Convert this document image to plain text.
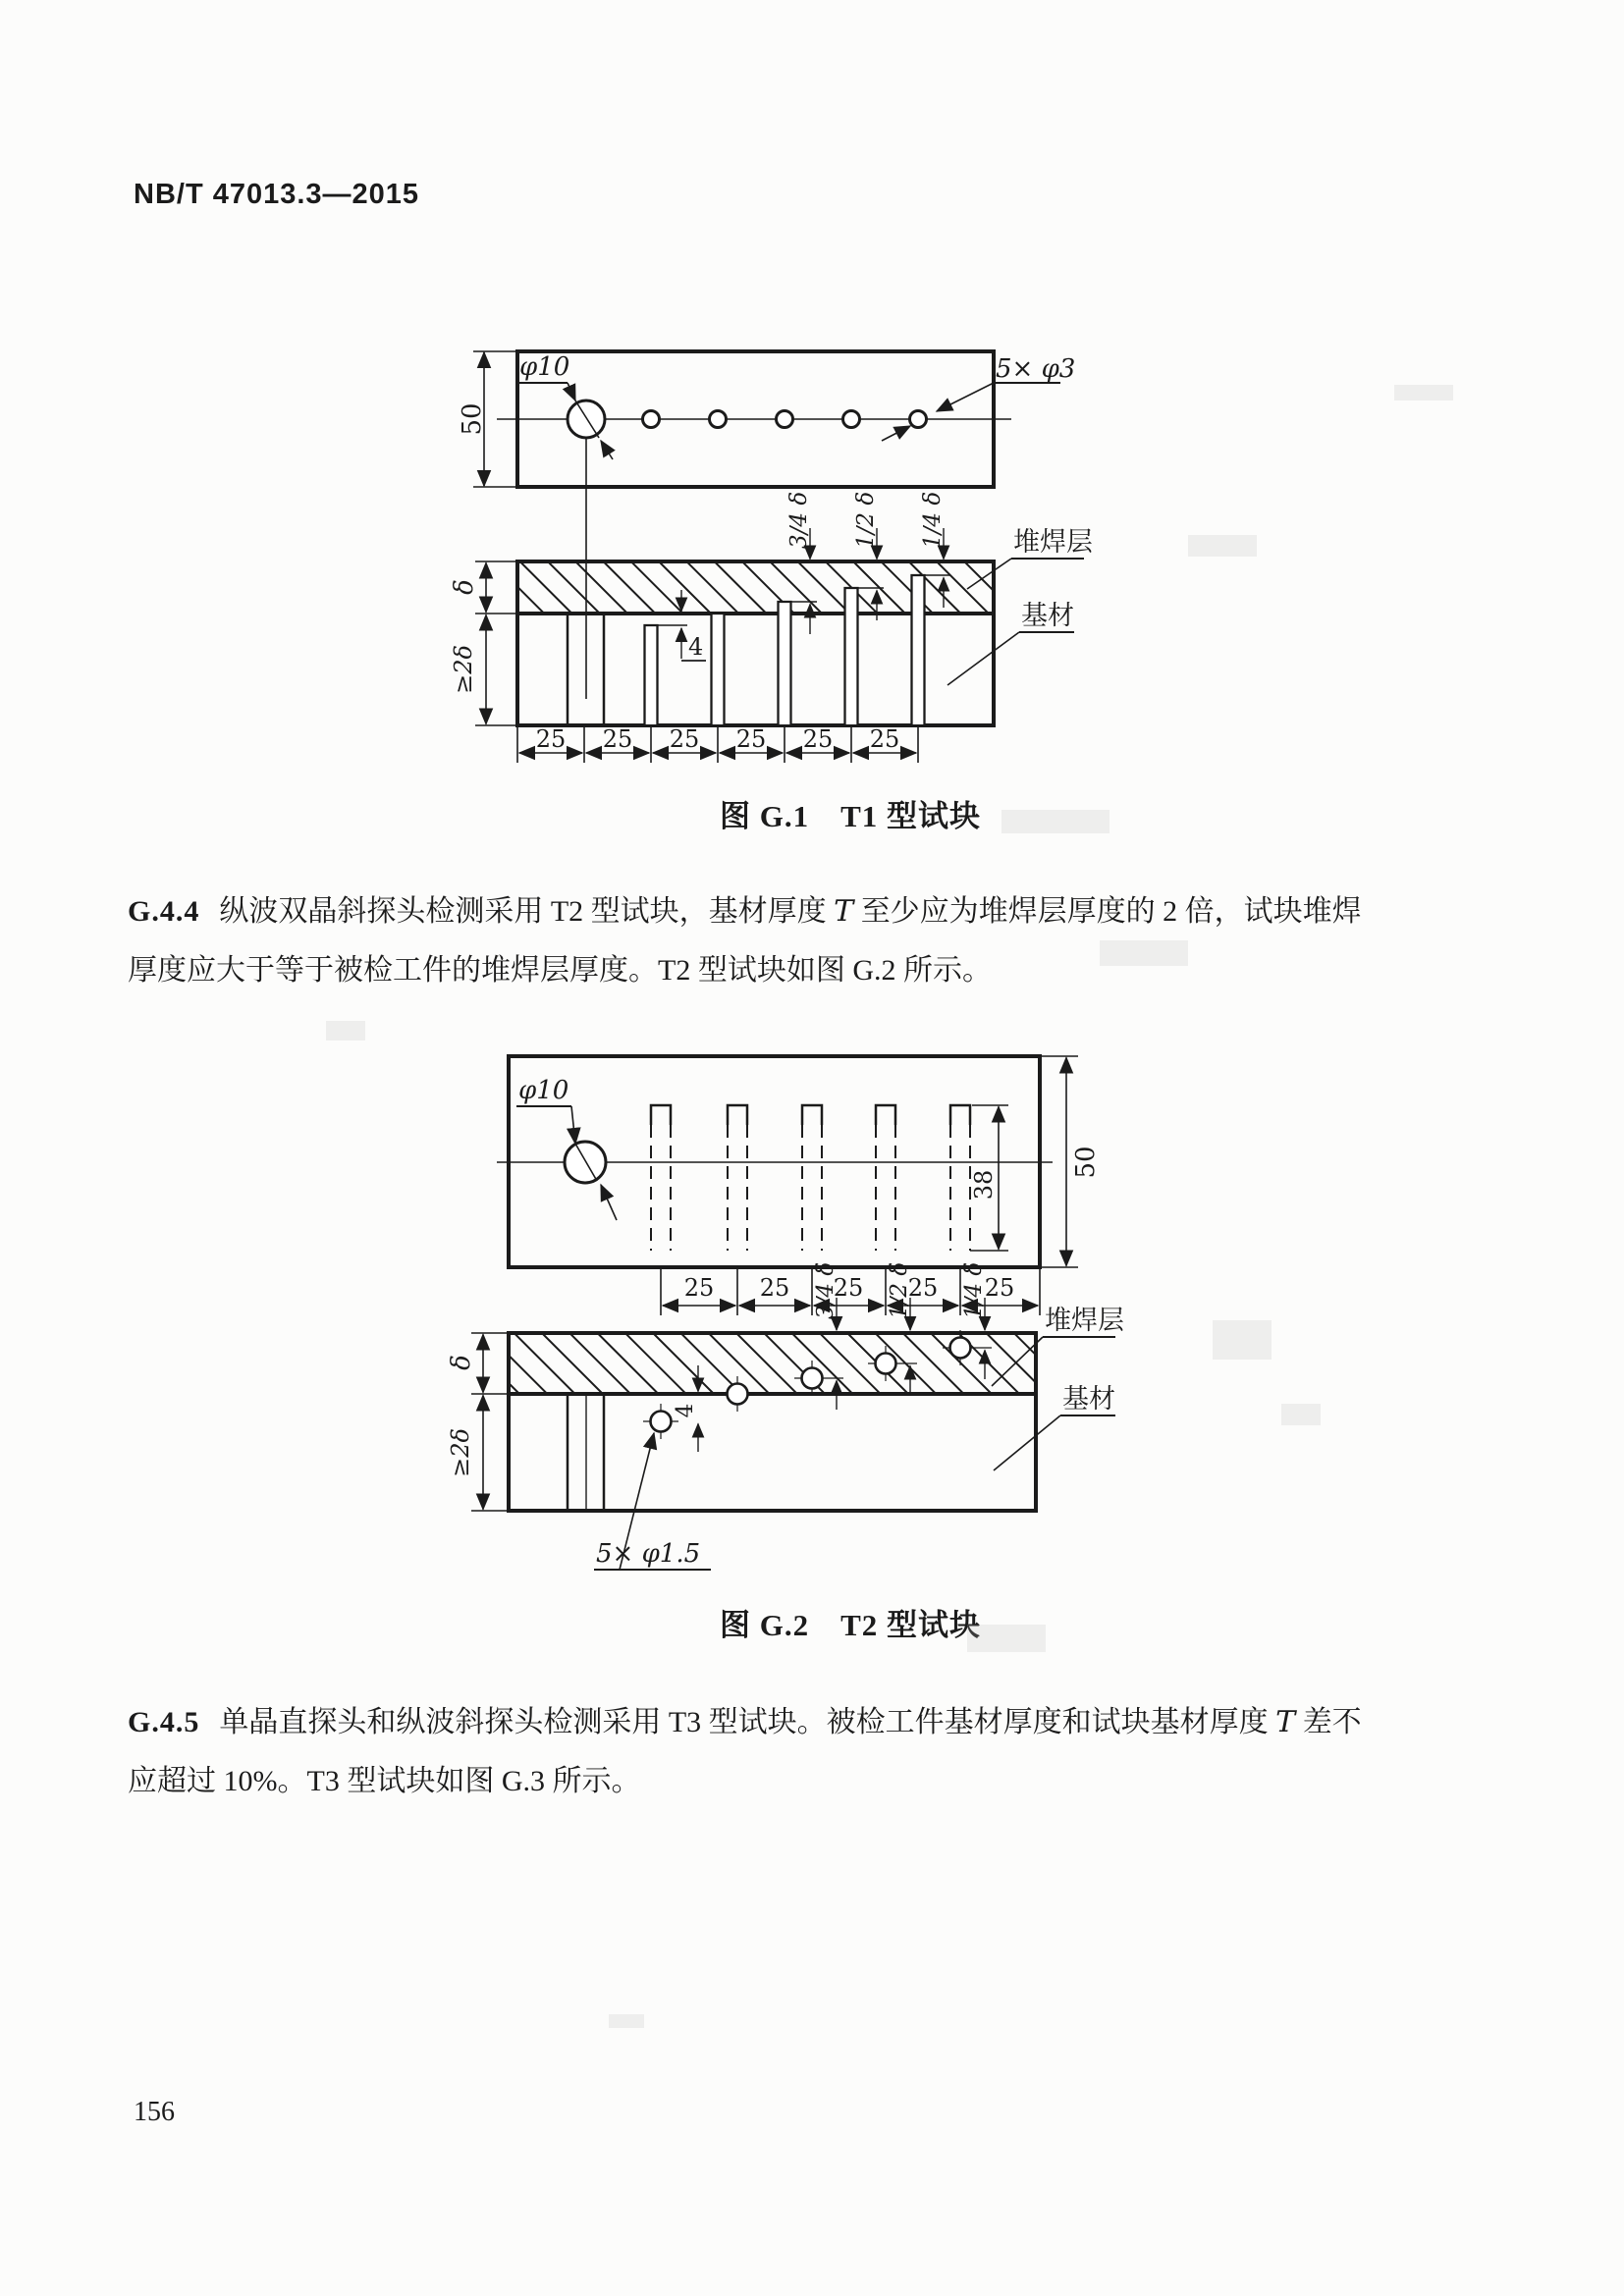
NB/T 47013.3—2015
φ10	5× φ3
50
4
3/4 δ 1/2 δ 1/4 δ	堆焊层
基材
δ
≥2δ
25 25 25 25 25 25
图 G.1　T1 型试块
G.4.4 纵波双晶斜探头检测采用 T2 型试块，基材厚度 T 至少应为堆焊层厚度的 2 倍，试块堆焊
厚度应大于等于被检工件的堆焊层厚度。T2 型试块如图 G.2 所示。
φ10
38
50
25 25 25 25 25
4
3/4 δ 1/2 δ 1/4 δ
5× φ1.5
堆焊层
基材
δ
≥2δ
图 G.2　T2 型试块
G.4.5 单晶直探头和纵波斜探头检测采用 T3 型试块。被检工件基材厚度和试块基材厚度 T 差不
应超过 10%。T3 型试块如图 G.3 所示。
156
